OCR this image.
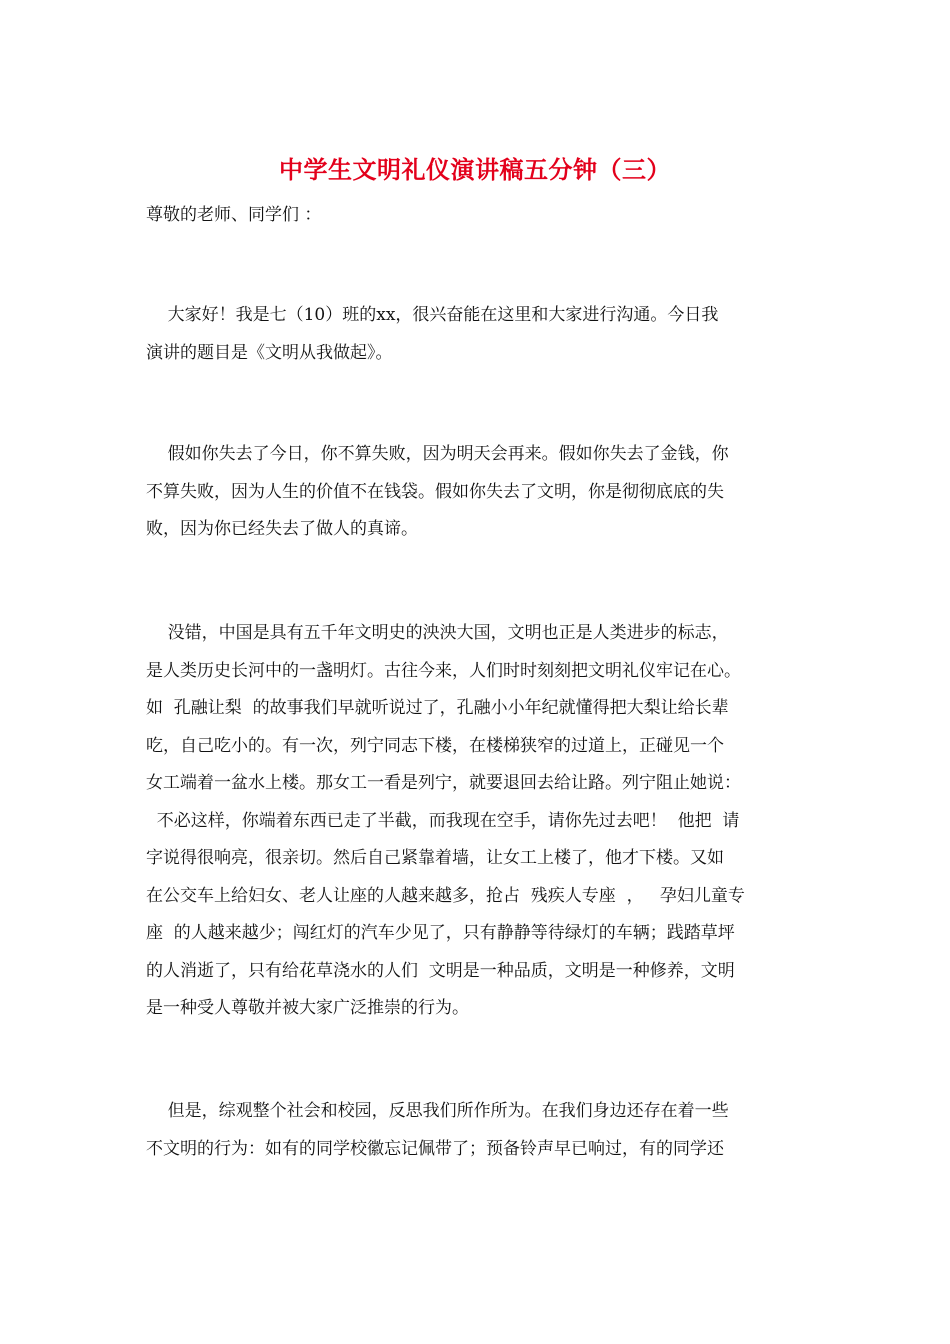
中学生文明礼仪演讲稿五分钟（三）
尊敬的老师、同学们 ：
大家好！我是七（10）班的xx，很兴奋能在这里和大家进行沟通。今日我
演讲的题目是《文明从我做起》。
假如你失去了今日，你不算失败，因为明天会再来。假如你失去了金钱，你
不算失败，因为人生的价值不在钱袋。假如你失去了文明，你是彻彻底底的失
败，因为你已经失去了做人的真谛。
没错，中国是具有五千年文明史的泱泱大国，文明也正是人类进步的标志，
是人类历史长河中的一盏明灯。古往今来，人们时时刻刻把文明礼仪牢记在心。
如  孔融让梨  的故事我们早就听说过了，孔融小小年纪就懂得把大梨让给长辈
吃，自己吃小的。有一次，列宁同志下楼，在楼梯狭窄的过道上，正碰见一个
女工端着一盆水上楼。那女工一看是列宁，就要退回去给让路。列宁阻止她说：
不必这样，你端着东西已走了半截，而我现在空手，请你先过去吧！  他把  请
字说得很响亮，很亲切。然后自己紧靠着墙，让女工上楼了，他才下楼。又如
在公交车上给妇女、老人让座的人越来越多，抢占  残疾人专座  ，   孕妇儿童专
座  的人越来越少；闯红灯的汽车少见了，只有静静等待绿灯的车辆；践踏草坪
的人消逝了，只有给花草浇水的人们  文明是一种品质，文明是一种修养，文明
是一种受人尊敬并被大家广泛推崇的行为。
但是，综观整个社会和校园，反思我们所作所为。在我们身边还存在着一些
不文明的行为：如有的同学校徽忘记佩带了；预备铃声早已响过，有的同学还
